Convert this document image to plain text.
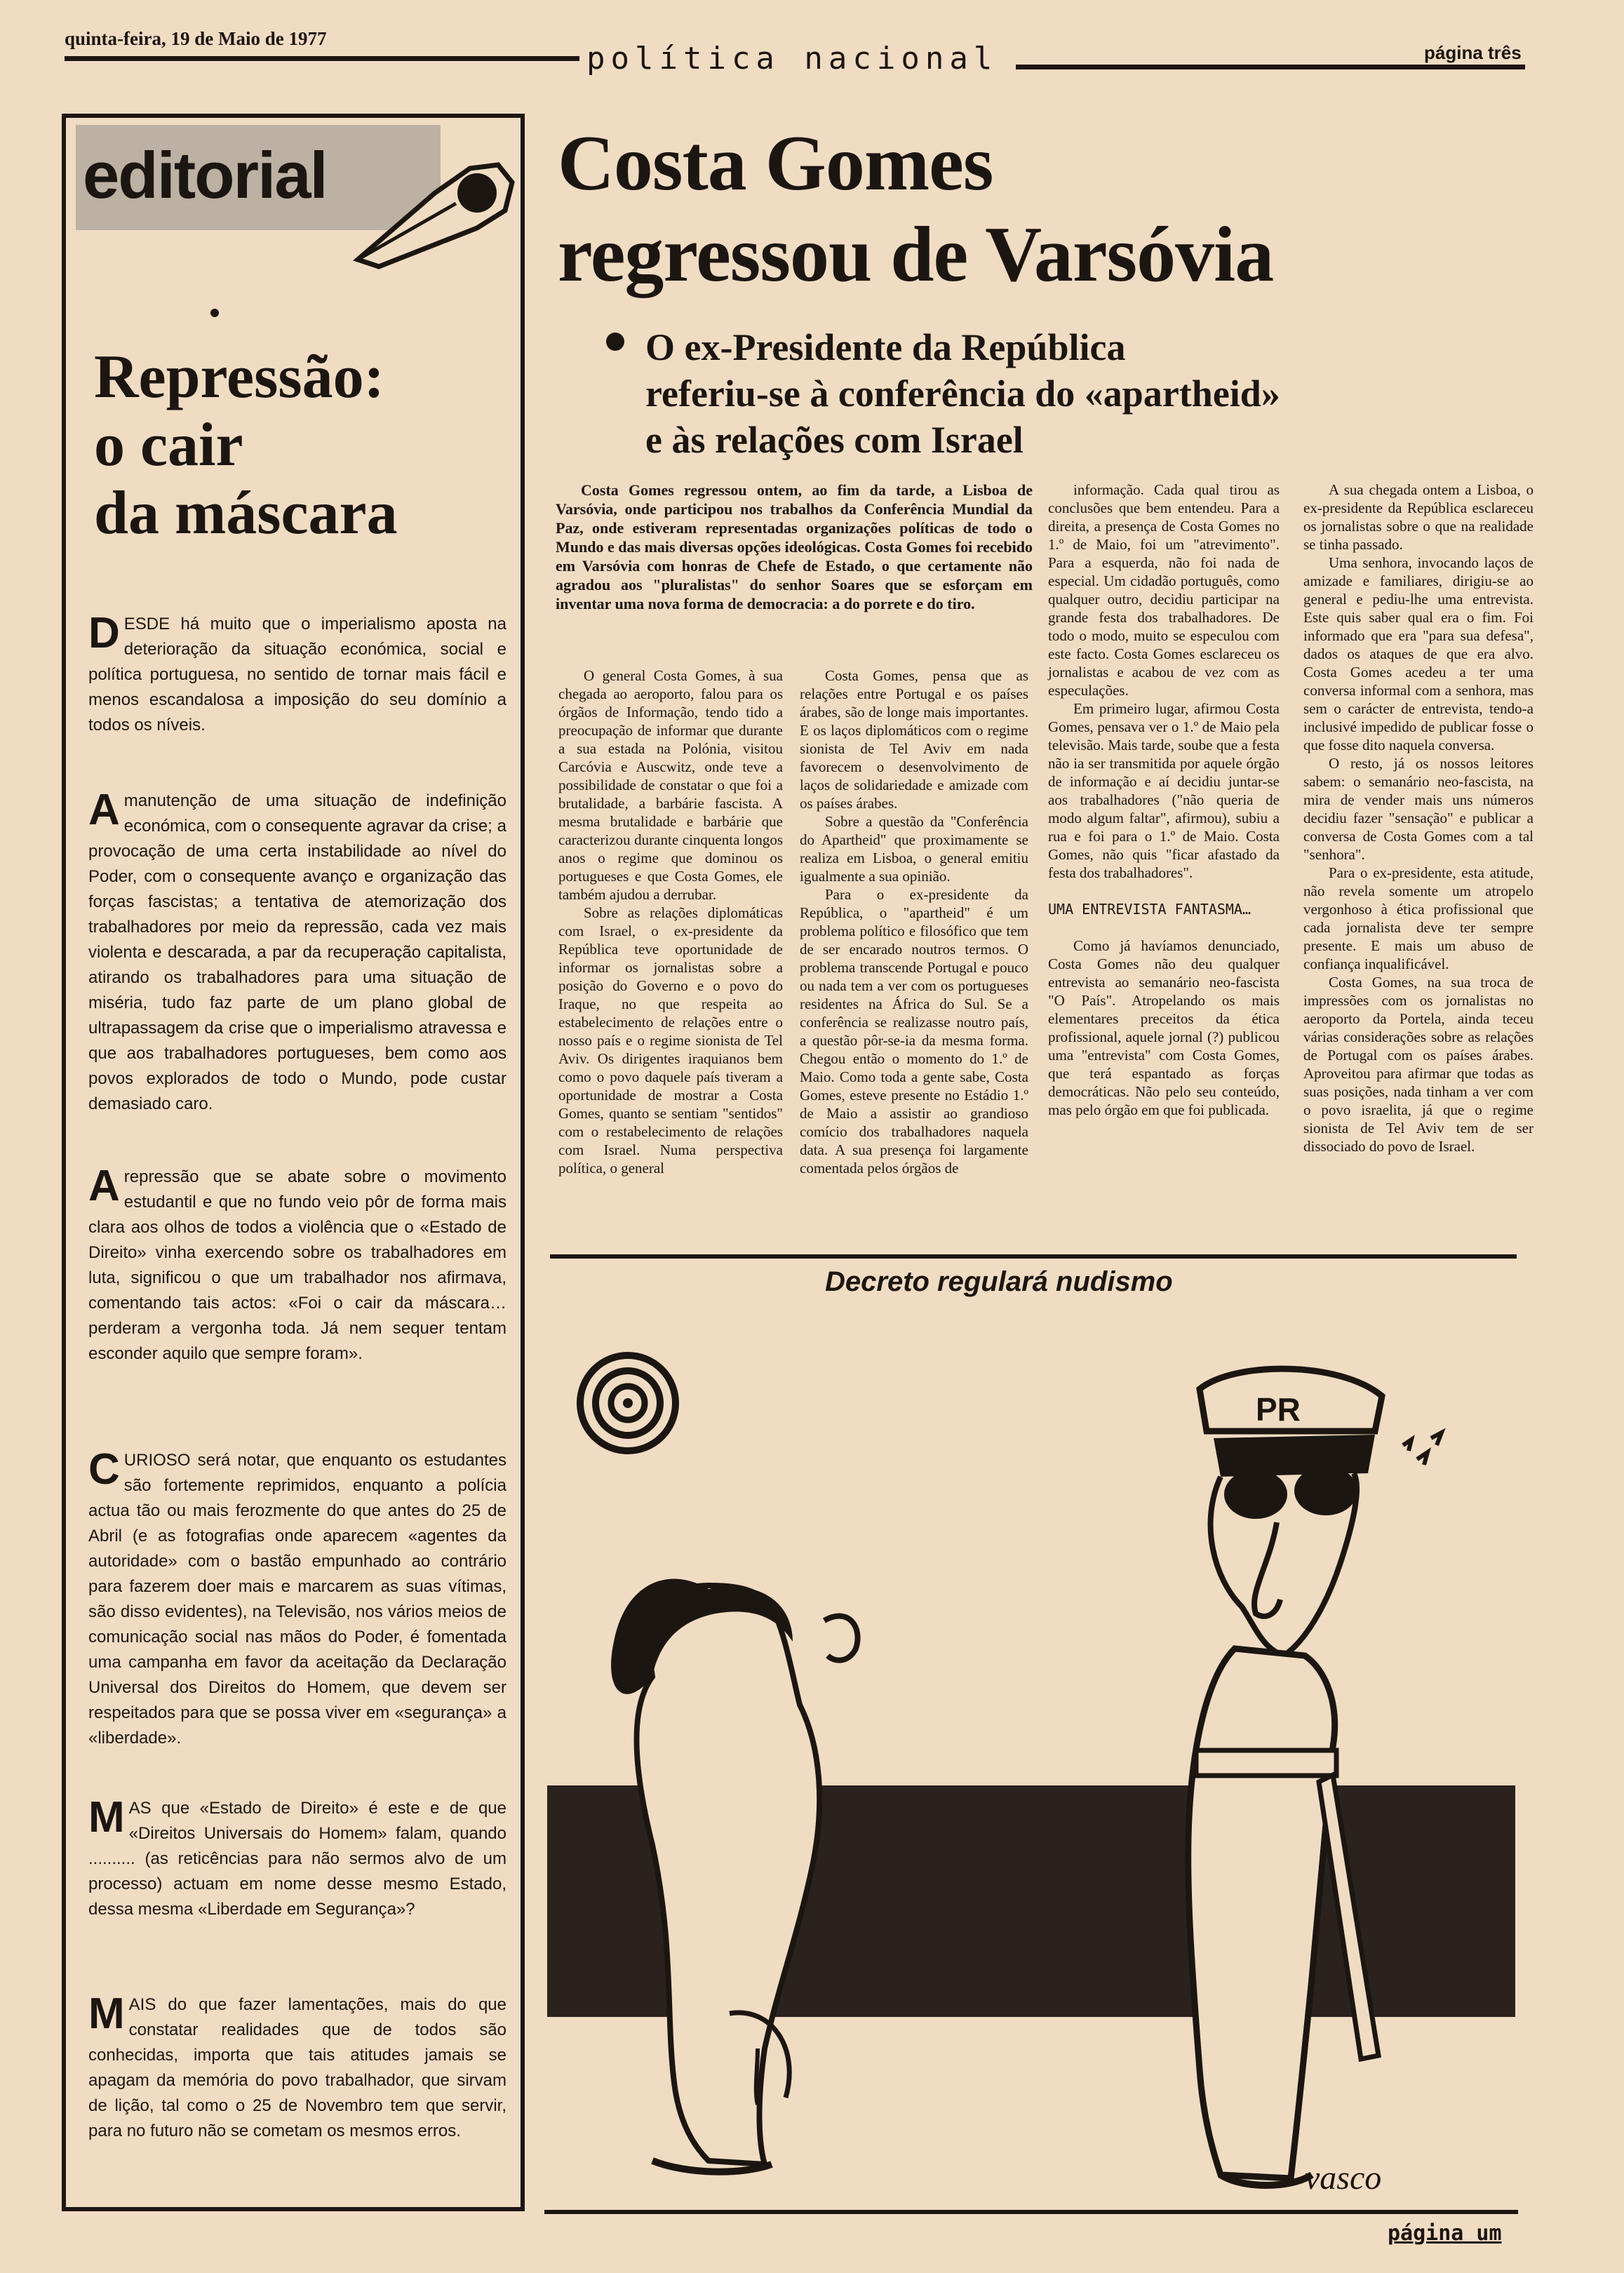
quinta-feira, 19 de Maio de 1977
política nacional	página três
editorial
Repressão:
o cair
da máscara
DESDE há muito que o imperialismo aposta na deterioração da situação económica, social e política portuguesa, no sentido de tornar mais fácil e menos escandalosa a imposição do seu domínio a todos os níveis.
Amanutenção de uma situação de indefinição económica, com o consequente agravar da crise; a provocação de uma certa instabilidade ao nível do Poder, com o consequente avanço e organização das forças fascistas; a tentativa de atemorização dos trabalhadores por meio da repressão, cada vez mais violenta e descarada, a par da recuperação capitalista, atirando os trabalhadores para uma situação de miséria, tudo faz parte de um plano global de ultrapassagem da crise que o imperialismo atravessa e que aos trabalhadores portugueses, bem como aos povos explorados de todo o Mundo, pode custar demasiado caro.
Arepressão que se abate sobre o movimento estudantil e que no fundo veio pôr de forma mais clara aos olhos de todos a violência que o «Estado de Direito» vinha exercendo sobre os trabalhadores em luta, significou o que um trabalhador nos afirmava, comentando tais actos: «Foi o cair da máscara… perderam a vergonha toda. Já nem sequer tentam esconder aquilo que sempre foram».
CURIOSO será notar, que enquanto os estudantes são fortemente reprimidos, enquanto a polícia actua tão ou mais ferozmente do que antes do 25 de Abril (e as fotografias onde aparecem «agentes da autoridade» com o bastão empunhado ao contrário para fazerem doer mais e marcarem as suas vítimas, são disso evidentes), na Televisão, nos vários meios de comunicação social nas mãos do Poder, é fomentada uma campanha em favor da aceitação da Declaração Universal dos Direitos do Homem, que devem ser respeitados para que se possa viver em «segurança» a «liberdade».
MAS que «Estado de Direito» é este e de que «Direitos Universais do Homem» falam, quando .......... (as reticências para não sermos alvo de um processo) actuam em nome desse mesmo Estado, dessa mesma «Liberdade em Segurança»?
MAIS do que fazer lamentações, mais do que constatar realidades que de todos são conhecidas, importa que tais atitudes jamais se apagam da memória do povo trabalhador, que sirvam de lição, tal como o 25 de Novembro tem que servir, para no futuro não se cometam os mesmos erros.
Costa Gomes
regressou de Varsóvia
O ex-Presidente da República
referiu-se à conferência do «apartheid»
e às relações com Israel

Costa Gomes regressou ontem, ao fim da tarde, a Lisboa de Varsóvia, onde participou nos trabalhos da Conferência Mundial da Paz, onde estiveram representadas organizações políticas de todo o Mundo e das mais diversas opções ideológicas. Costa Gomes foi recebido em Varsóvia com honras de Chefe de Estado, o que certamente não agradou aos "pluralistas" do senhor Soares que se esforçam em inventar uma nova forma de democracia: a do porrete e do tiro.

O general Costa Gomes, à sua chegada ao aeroporto, falou para os órgãos de Informação, tendo tido a preocupação de informar que durante a sua estada na Polónia, visitou Carcóvia e Auscwitz, onde teve a possibilidade de constatar o que foi a brutalidade, a barbárie fascista. A mesma brutalidade e barbárie que caracterizou durante cinquenta longos anos o regime que dominou os portugueses e que Costa Gomes, ele também ajudou a derrubar.

Sobre as relações diplomáticas com Israel, o ex-presidente da República teve oportunidade de informar os jornalistas sobre a posição do Governo e o povo do Iraque, no que respeita ao estabelecimento de relações entre o nosso país e o regime sionista de Tel Aviv. Os dirigentes iraquianos bem como o povo daquele país tiveram a oportunidade de mostrar a Costa Gomes, quanto se sentiam "sentidos" com o restabelecimento de relações com Israel. Numa perspectiva política, o general

Costa Gomes, pensa que as relações entre Portugal e os países árabes, são de longe mais importantes. E os laços diplomáticos com o regime sionista de Tel Aviv em nada favorecem o desenvolvimento de laços de solidariedade e amizade com os países árabes.

Sobre a questão da "Conferência do Apartheid" que proximamente se realiza em Lisboa, o general emitiu igualmente a sua opinião.

Para o ex-presidente da República, o "apartheid" é um problema político e filosófico que tem de ser encarado noutros termos. O problema transcende Portugal e pouco ou nada tem a ver com os portugueses residentes na África do Sul. Se a conferência se realizasse noutro país, a questão pôr-se-ia da mesma forma. Chegou então o momento do 1.º de Maio. Como toda a gente sabe, Costa Gomes, esteve presente no Estádio 1.º de Maio a assistir ao grandioso comício dos trabalhadores naquela data. A sua presença foi largamente comentada pelos órgãos de

informação. Cada qual tirou as conclusões que bem entendeu. Para a direita, a presença de Costa Gomes no 1.º de Maio, foi um "atrevimento". Para a esquerda, não foi nada de especial. Um cidadão português, como qualquer outro, decidiu participar na grande festa dos trabalhadores. De todo o modo, muito se especulou com este facto. Costa Gomes esclareceu os jornalistas e acabou de vez com as especulações.

Em primeiro lugar, afirmou Costa Gomes, pensava ver o 1.º de Maio pela televisão. Mais tarde, soube que a festa não ia ser transmitida por aquele órgão de informação e aí decidiu juntar-se aos trabalhadores ("não queria de modo algum faltar", afirmou), subiu a rua e foi para o 1.º de Maio. Costa Gomes, não quis "ficar afastado da festa dos trabalhadores".

UMA ENTREVISTA FANTASMA…

Como já havíamos denunciado, Costa Gomes não deu qualquer entrevista ao semanário neo-fascista "O País". Atropelando os mais elementares preceitos da ética profissional, aquele jornal (?) publicou uma "entrevista" com Costa Gomes, que terá espantado as forças democráticas. Não pelo seu conteúdo, mas pelo órgão em que foi publicada.

A sua chegada ontem a Lisboa, o ex-presidente da República esclareceu os jornalistas sobre o que na realidade se tinha passado.

Uma senhora, invocando laços de amizade e familiares, dirigiu-se ao general e pediu-lhe uma entrevista. Este quis saber qual era o fim. Foi informado que era "para sua defesa", dados os ataques de que era alvo. Costa Gomes acedeu a ter uma conversa informal com a senhora, mas sem o carácter de entrevista, tendo-a inclusivé impedido de publicar fosse o que fosse dito naquela conversa.

O resto, já os nossos leitores sabem: o semanário neo-fascista, na mira de vender mais uns números decidiu fazer "sensação" e publicar a conversa de Costa Gomes com a tal "senhora".

Para o ex-presidente, esta atitude, não revela somente um atropelo vergonhoso à ética profissional que cada jornalista deve ter sempre presente. E mais um abuso de confiança inqualificável.

Costa Gomes, na sua troca de impressões com os jornalistas no aeroporto da Portela, ainda teceu várias considerações sobre as relações de Portugal com os países árabes. Aproveitou para afirmar que todas as suas posições, nada tinham a ver com o povo israelita, já que o regime sionista de Tel Aviv tem de ser dissociado do povo de Israel.

Decreto regulará nudismo
PR
vasco
página um
